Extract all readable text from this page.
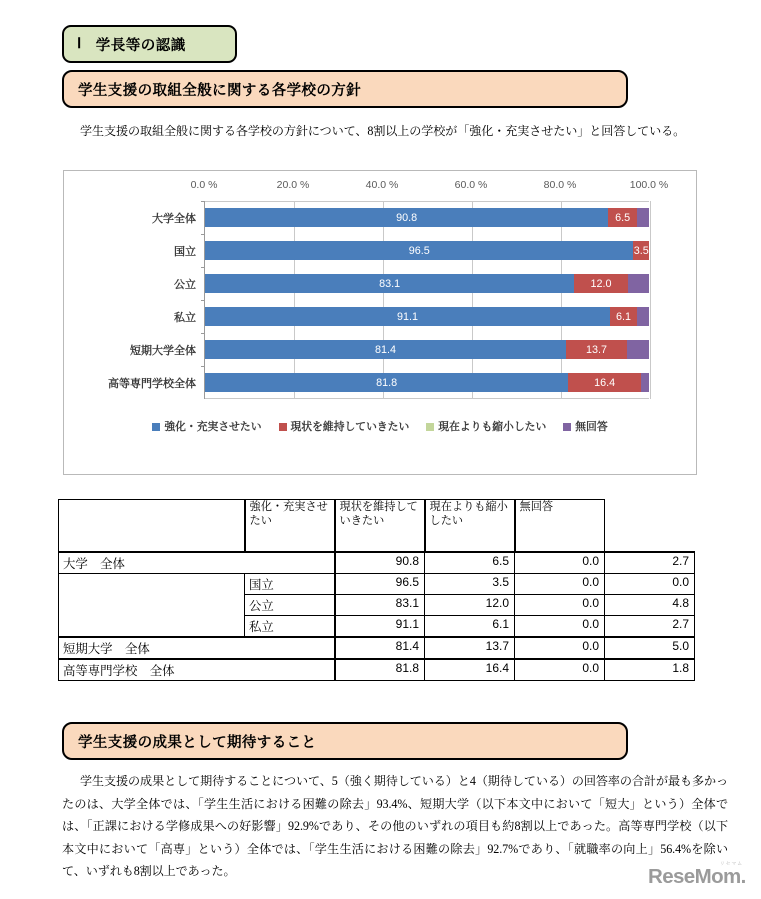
Ⅰ 学長等の認識
学生支援の取組全般に関する各学校の方針
学生支援の取組全般に関する各学校の方針について、8割以上の学校が「強化・充実させたい」と回答している。
0.0 %	20.0 %	40.0 %	60.0 %	80.0 %	100.0 %
大学全体	90.8	6.5
国立	96.5	3.5
公立	83.1	12.0
私立	91.1	6.1
短期大学全体	81.4	13.7
高等専門学校全体	81.8	16.4
強化・充実させたい	現状を維持していきたい	現在よりも縮小したい	無回答
	強化・充実させたい	現状を維持していきたい	現在よりも縮小したい	無回答	
大学　全体		90.8	6.5	0.0	2.7
	国立	96.5	3.5	0.0	0.0
	公立	83.1	12.0	0.0	4.8
	私立	91.1	6.1	0.0	2.7
短期大学　全体		81.4	13.7	0.0	5.0
高等専門学校　全体		81.8	16.4	0.0	1.8
学生支援の成果として期待すること
学生支援の成果として期待することについて、5（強く期待している）と4（期待している）の回答率の合計が最も多かったのは、大学全体では、「学生生活における困難の除去」93.4%、短期大学（以下本文中において「短大」という）全体では、「正課における学修成果への好影響」92.9%であり、その他のいずれの項目も約8割以上であった。高等専門学校（以下本文中において「高専」という）全体では、「学生生活における困難の除去」92.7%であり、「就職率の向上」56.4%を除いて、いずれも8割以上であった。
リセマム
ReseMom.
